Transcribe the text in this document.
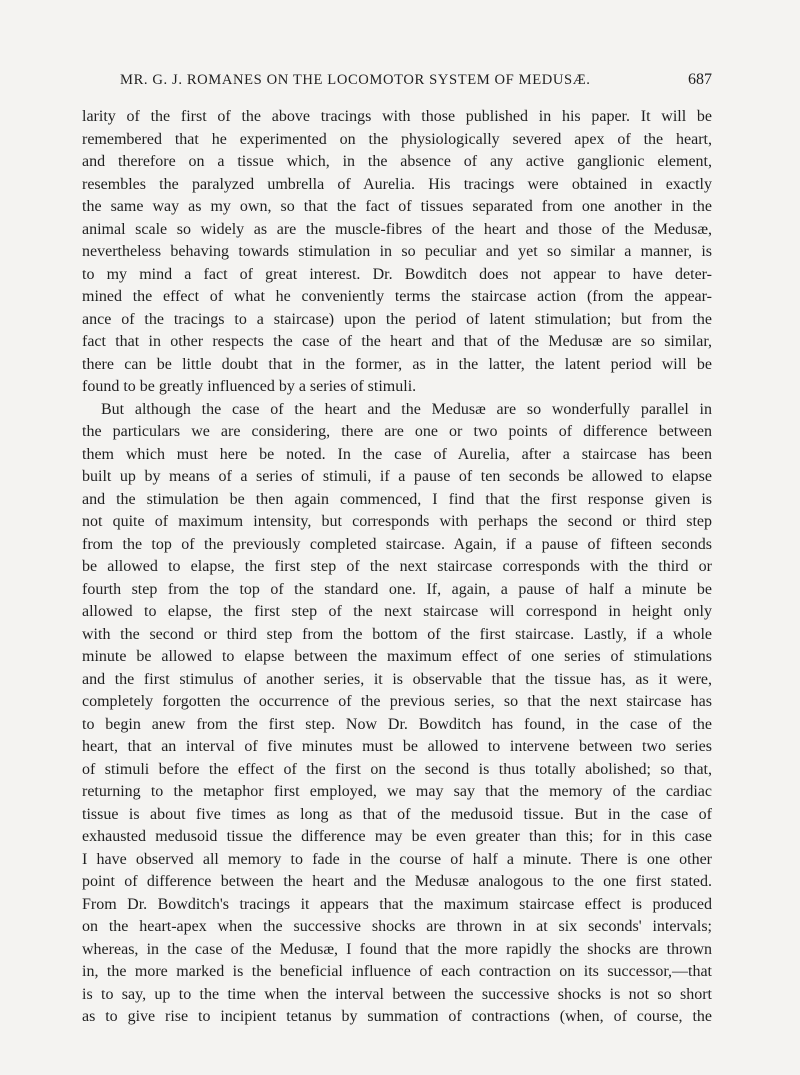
MR. G. J. ROMANES ON THE LOCOMOTOR SYSTEM OF MEDUSÆ.	687
larity of the first of the above tracings with those published in his paper. It will be
remembered that he experimented on the physiologically severed apex of the heart,
and therefore on a tissue which, in the absence of any active ganglionic element,
resembles the paralyzed umbrella of Aurelia. His tracings were obtained in exactly
the same way as my own, so that the fact of tissues separated from one another in the
animal scale so widely as are the muscle-fibres of the heart and those of the Medusæ,
nevertheless behaving towards stimulation in so peculiar and yet so similar a manner, is
to my mind a fact of great interest. Dr. Bowditch does not appear to have deter-
mined the effect of what he conveniently terms the staircase action (from the appear-
ance of the tracings to a staircase) upon the period of latent stimulation; but from the
fact that in other respects the case of the heart and that of the Medusæ are so similar,
there can be little doubt that in the former, as in the latter, the latent period will be
found to be greatly influenced by a series of stimuli.
But although the case of the heart and the Medusæ are so wonderfully parallel in
the particulars we are considering, there are one or two points of difference between
them which must here be noted. In the case of Aurelia, after a staircase has been
built up by means of a series of stimuli, if a pause of ten seconds be allowed to elapse
and the stimulation be then again commenced, I find that the first response given is
not quite of maximum intensity, but corresponds with perhaps the second or third step
from the top of the previously completed staircase. Again, if a pause of fifteen seconds
be allowed to elapse, the first step of the next staircase corresponds with the third or
fourth step from the top of the standard one. If, again, a pause of half a minute be
allowed to elapse, the first step of the next staircase will correspond in height only
with the second or third step from the bottom of the first staircase. Lastly, if a whole
minute be allowed to elapse between the maximum effect of one series of stimulations
and the first stimulus of another series, it is observable that the tissue has, as it were,
completely forgotten the occurrence of the previous series, so that the next staircase has
to begin anew from the first step. Now Dr. Bowditch has found, in the case of the
heart, that an interval of five minutes must be allowed to intervene between two series
of stimuli before the effect of the first on the second is thus totally abolished; so that,
returning to the metaphor first employed, we may say that the memory of the cardiac
tissue is about five times as long as that of the medusoid tissue. But in the case of
exhausted medusoid tissue the difference may be even greater than this; for in this case
I have observed all memory to fade in the course of half a minute. There is one other
point of difference between the heart and the Medusæ analogous to the one first stated.
From Dr. Bowditch's tracings it appears that the maximum staircase effect is produced
on the heart-apex when the successive shocks are thrown in at six seconds' intervals;
whereas, in the case of the Medusæ, I found that the more rapidly the shocks are thrown
in, the more marked is the beneficial influence of each contraction on its successor,—that
is to say, up to the time when the interval between the successive shocks is not so short
as to give rise to incipient tetanus by summation of contractions (when, of course, the
